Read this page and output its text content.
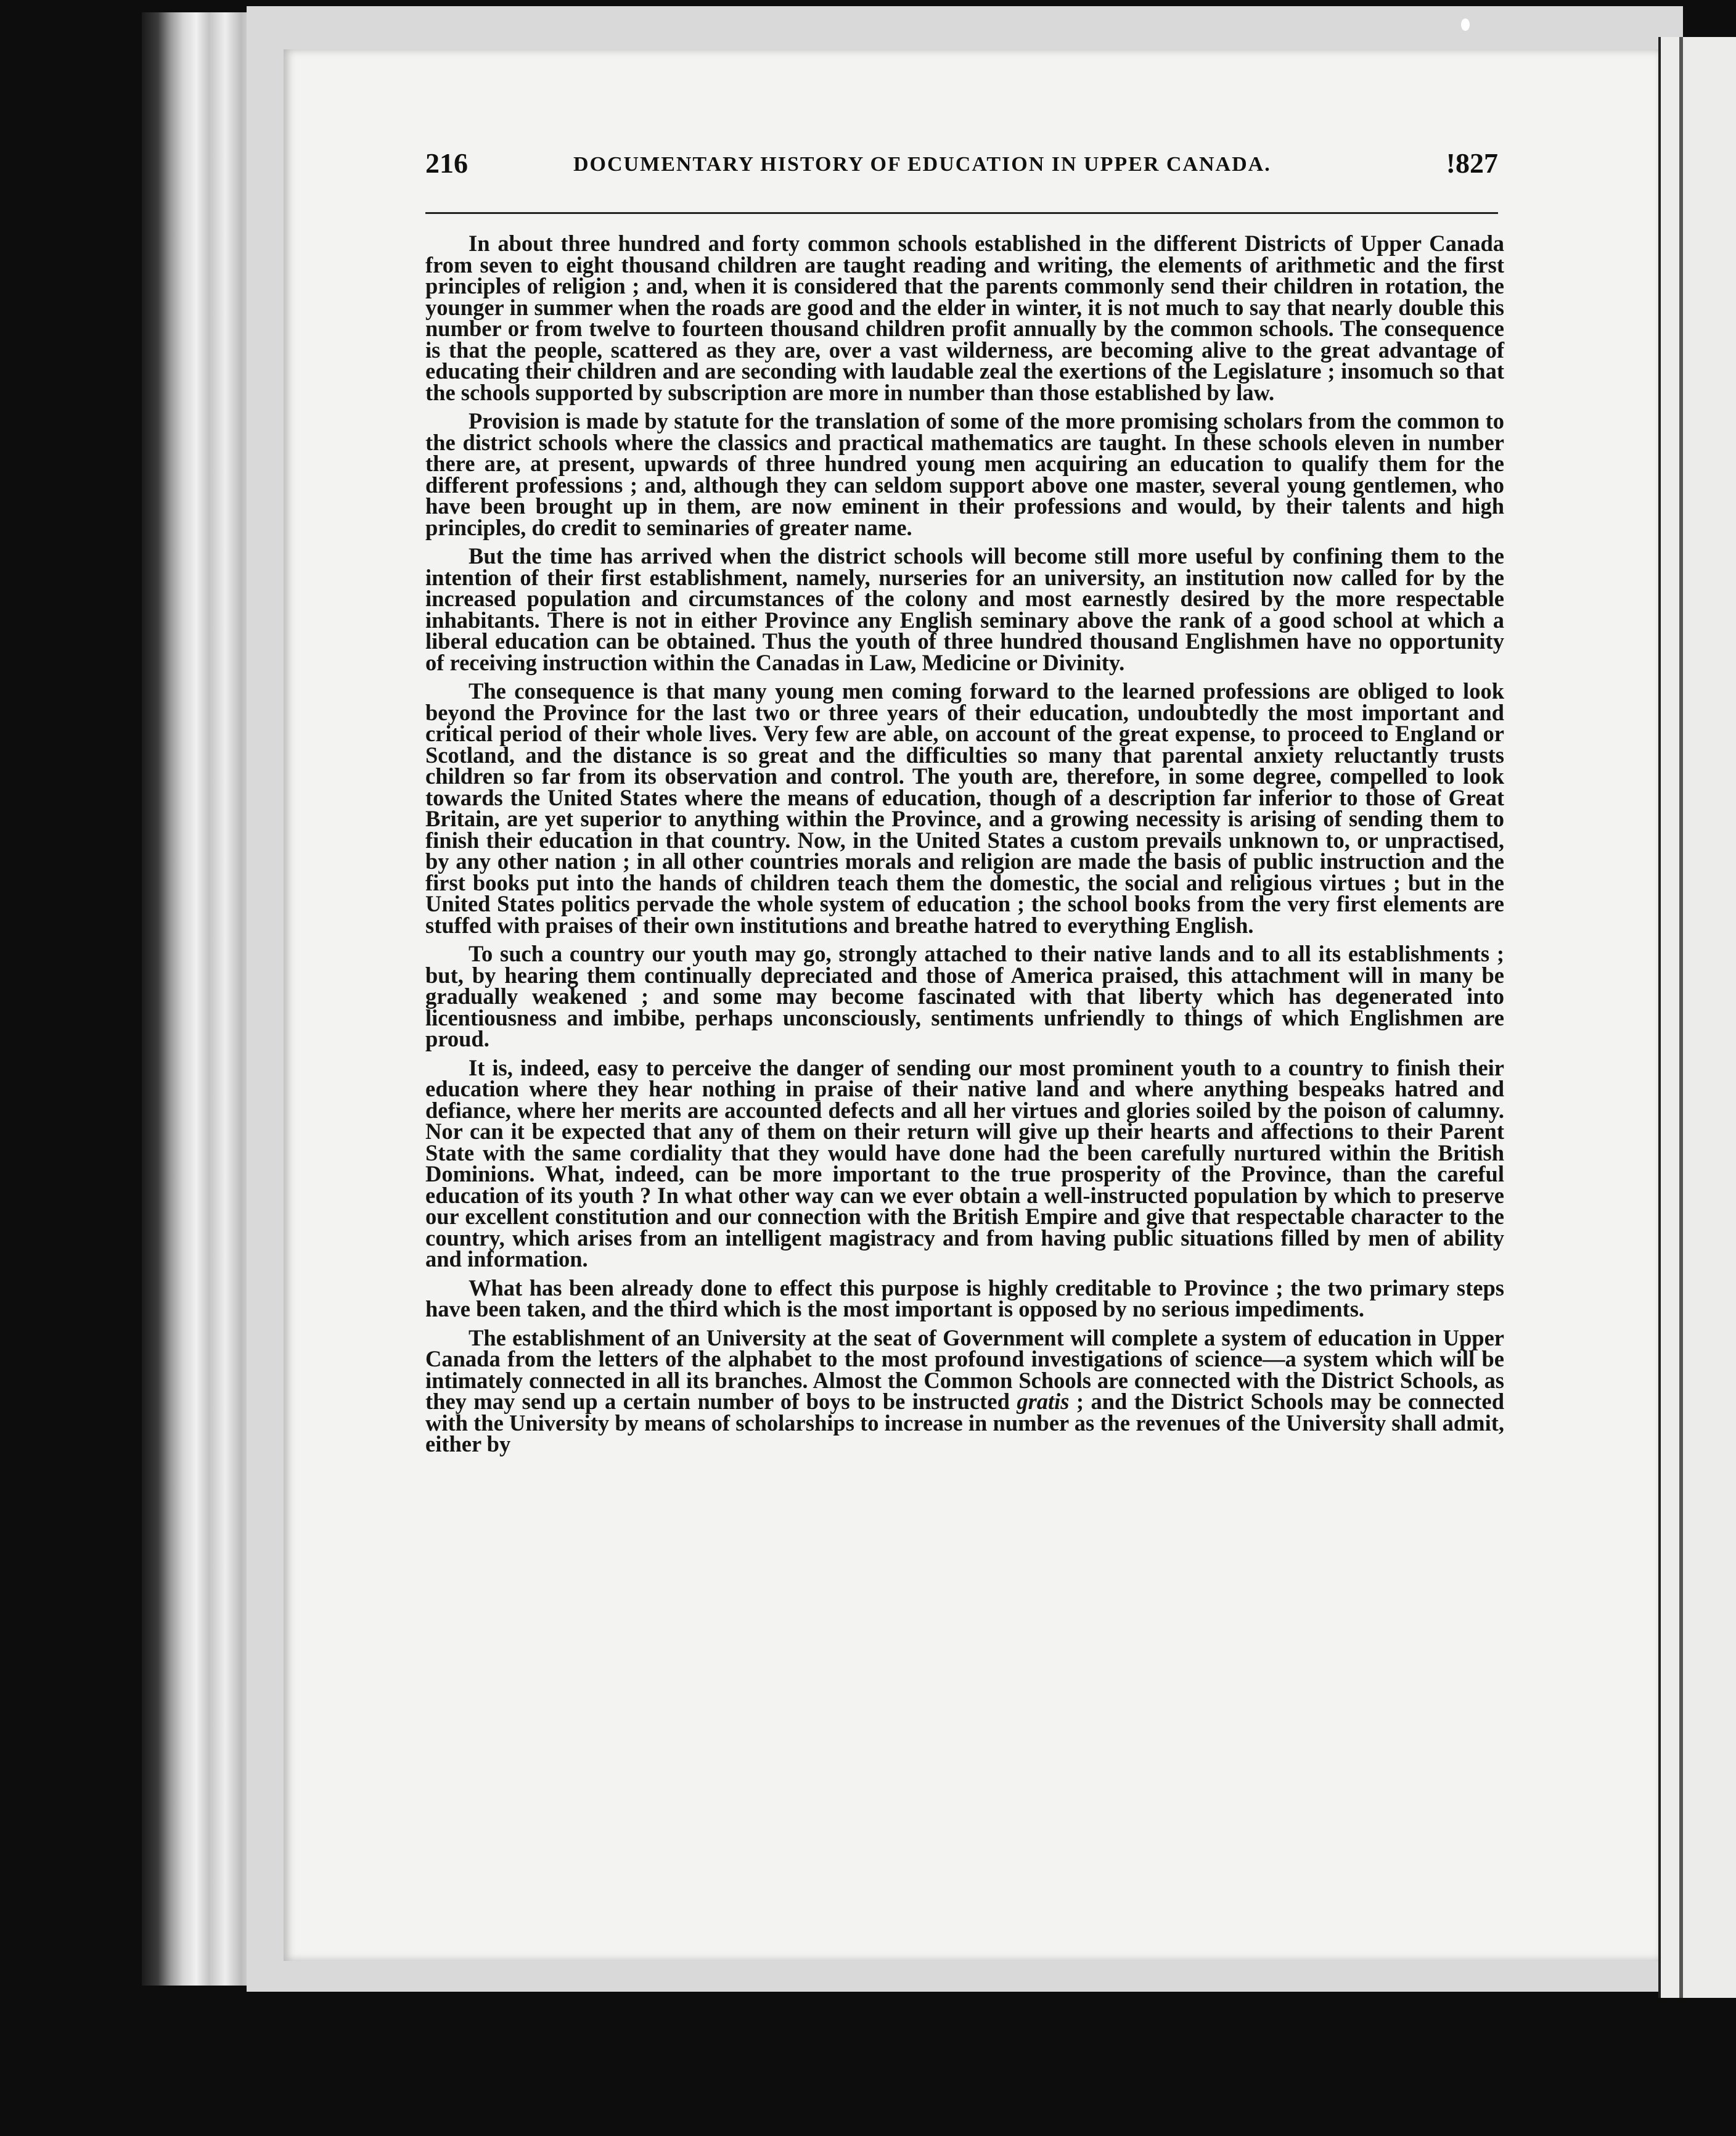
216	DOCUMENTARY HISTORY OF EDUCATION IN UPPER CANADA.	!827

In about three hundred and forty common schools established in the different Districts of Upper Canada from seven to eight thousand children are taught reading and writing, the elements of arithmetic and the first principles of religion ; and, when it is considered that the parents commonly send their children in rotation, the younger in summer when the roads are good and the elder in winter, it is not much to say that nearly double this number or from twelve to fourteen thousand children profit annually by the common schools. The consequence is that the people, scattered as they are, over a vast wilderness, are becoming alive to the great advantage of educating their children and are seconding with laudable zeal the exertions of the Legislature ; insomuch so that the schools supported by subscription are more in number than those established by law.

Provision is made by statute for the translation of some of the more promising scholars from the common to the district schools where the classics and practical mathematics are taught. In these schools eleven in number there are, at present, upwards of three hundred young men acquiring an education to qualify them for the different professions ; and, although they can seldom support above one master, several young gentlemen, who have been brought up in them, are now eminent in their professions and would, by their talents and high principles, do credit to seminaries of greater name.

But the time has arrived when the district schools will become still more useful by confining them to the intention of their first establishment, namely, nurseries for an university, an institution now called for by the increased population and circumstances of the colony and most earnestly desired by the more respectable inhabitants. There is not in either Province any English seminary above the rank of a good school at which a liberal education can be obtained. Thus the youth of three hundred thousand Englishmen have no opportunity of receiving instruction within the Canadas in Law, Medicine or Divinity.

The consequence is that many young men coming forward to the learned professions are obliged to look beyond the Province for the last two or three years of their education, undoubtedly the most important and critical period of their whole lives. Very few are able, on account of the great expense, to proceed to England or Scotland, and the distance is so great and the difficulties so many that parental anxiety reluctantly trusts children so far from its observation and control. The youth are, therefore, in some degree, compelled to look towards the United States where the means of education, though of a description far inferior to those of Great Britain, are yet superior to anything within the Province, and a growing necessity is arising of sending them to finish their education in that country. Now, in the United States a custom prevails unknown to, or unpractised, by any other nation ; in all other countries morals and religion are made the basis of public instruction and the first books put into the hands of children teach them the domestic, the social and religious virtues ; but in the United States politics pervade the whole system of education ; the school books from the very first elements are stuffed with praises of their own institutions and breathe hatred to everything English.

To such a country our youth may go, strongly attached to their native lands and to all its establishments ; but, by hearing them continually depreciated and those of America praised, this attachment will in many be gradually weakened ; and some may become fascinated with that liberty which has degenerated into licentiousness and imbibe, perhaps unconsciously, sentiments unfriendly to things of which Englishmen are proud.

It is, indeed, easy to perceive the danger of sending our most prominent youth to a country to finish their education where they hear nothing in praise of their native land and where anything bespeaks hatred and defiance, where her merits are accounted defects and all her virtues and glories soiled by the poison of calumny. Nor can it be expected that any of them on their return will give up their hearts and affections to their Parent State with the same cordiality that they would have done had the been carefully nurtured within the British Dominions. What, indeed, can be more important to the true prosperity of the Province, than the careful education of its youth ? In what other way can we ever obtain a well-instructed population by which to preserve our excellent constitution and our connection with the British Empire and give that respectable character to the country, which arises from an intelligent magistracy and from having public situations filled by men of ability and information.

What has been already done to effect this purpose is highly creditable to Province ; the two primary steps have been taken, and the third which is the most important is opposed by no serious impediments.

The establishment of an University at the seat of Government will complete a system of education in Upper Canada from the letters of the alphabet to the most profound investigations of science—a system which will be intimately connected in all its branches. Almost the Common Schools are connected with the District Schools, as they may send up a certain number of boys to be instructed gratis ; and the District Schools may be connected with the University by means of scholarships to increase in number as the revenues of the University shall admit, either by
